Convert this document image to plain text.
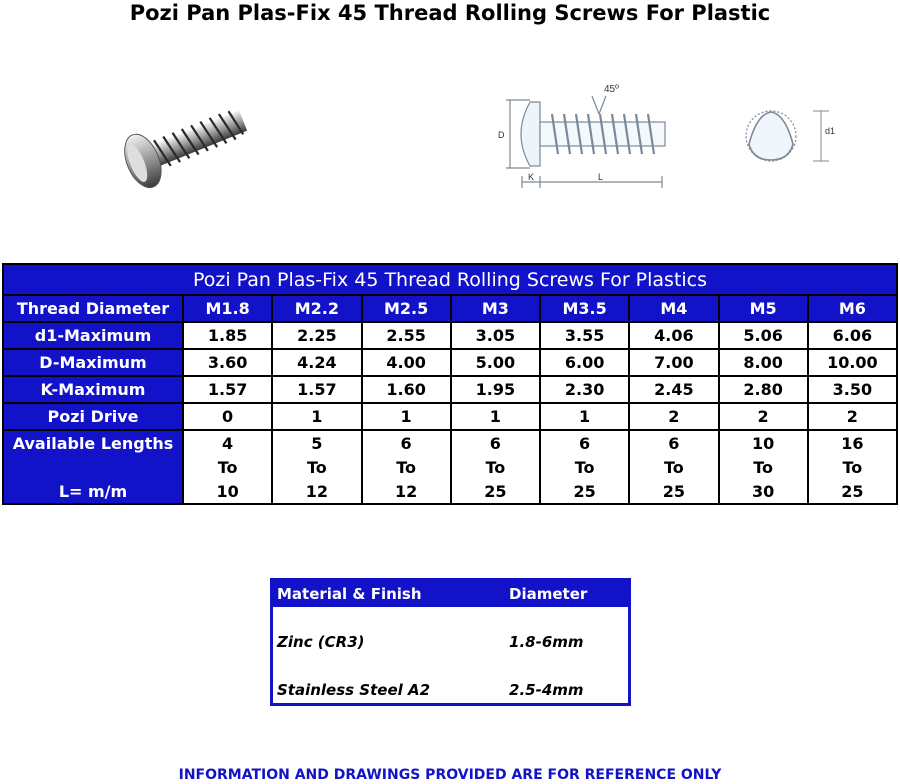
Pozi Pan Plas-Fix 45 Thread Rolling Screws For Plastic
45º
D
K	L
d1
Pozi Pan Plas-Fix 45 Thread Rolling Screws For Plastics								
Thread Diameter	M1.8	M2.2	M2.5	M3	M3.5	M4	M5	M6
d1-Maximum	1.85	2.25	2.55	3.05	3.55	4.06	5.06	6.06
D-Maximum	3.60	4.24	4.00	5.00	6.00	7.00	8.00	10.00
K-Maximum	1.57	1.57	1.60	1.95	2.30	2.45	2.80	3.50
Pozi Drive	0	1	1	1	1	2	2	2
Available Lengths	4	5	6	6	6	6	10	16
	To	To	To	To	To	To	To	To
L= m/m	10	12	12	25	25	25	30	25
Material & Finish	Diameter

Zinc (CR3)	1.8-6mm

Stainless Steel A2	2.5-4mm
INFORMATION AND DRAWINGS PROVIDED ARE FOR REFERENCE ONLY
